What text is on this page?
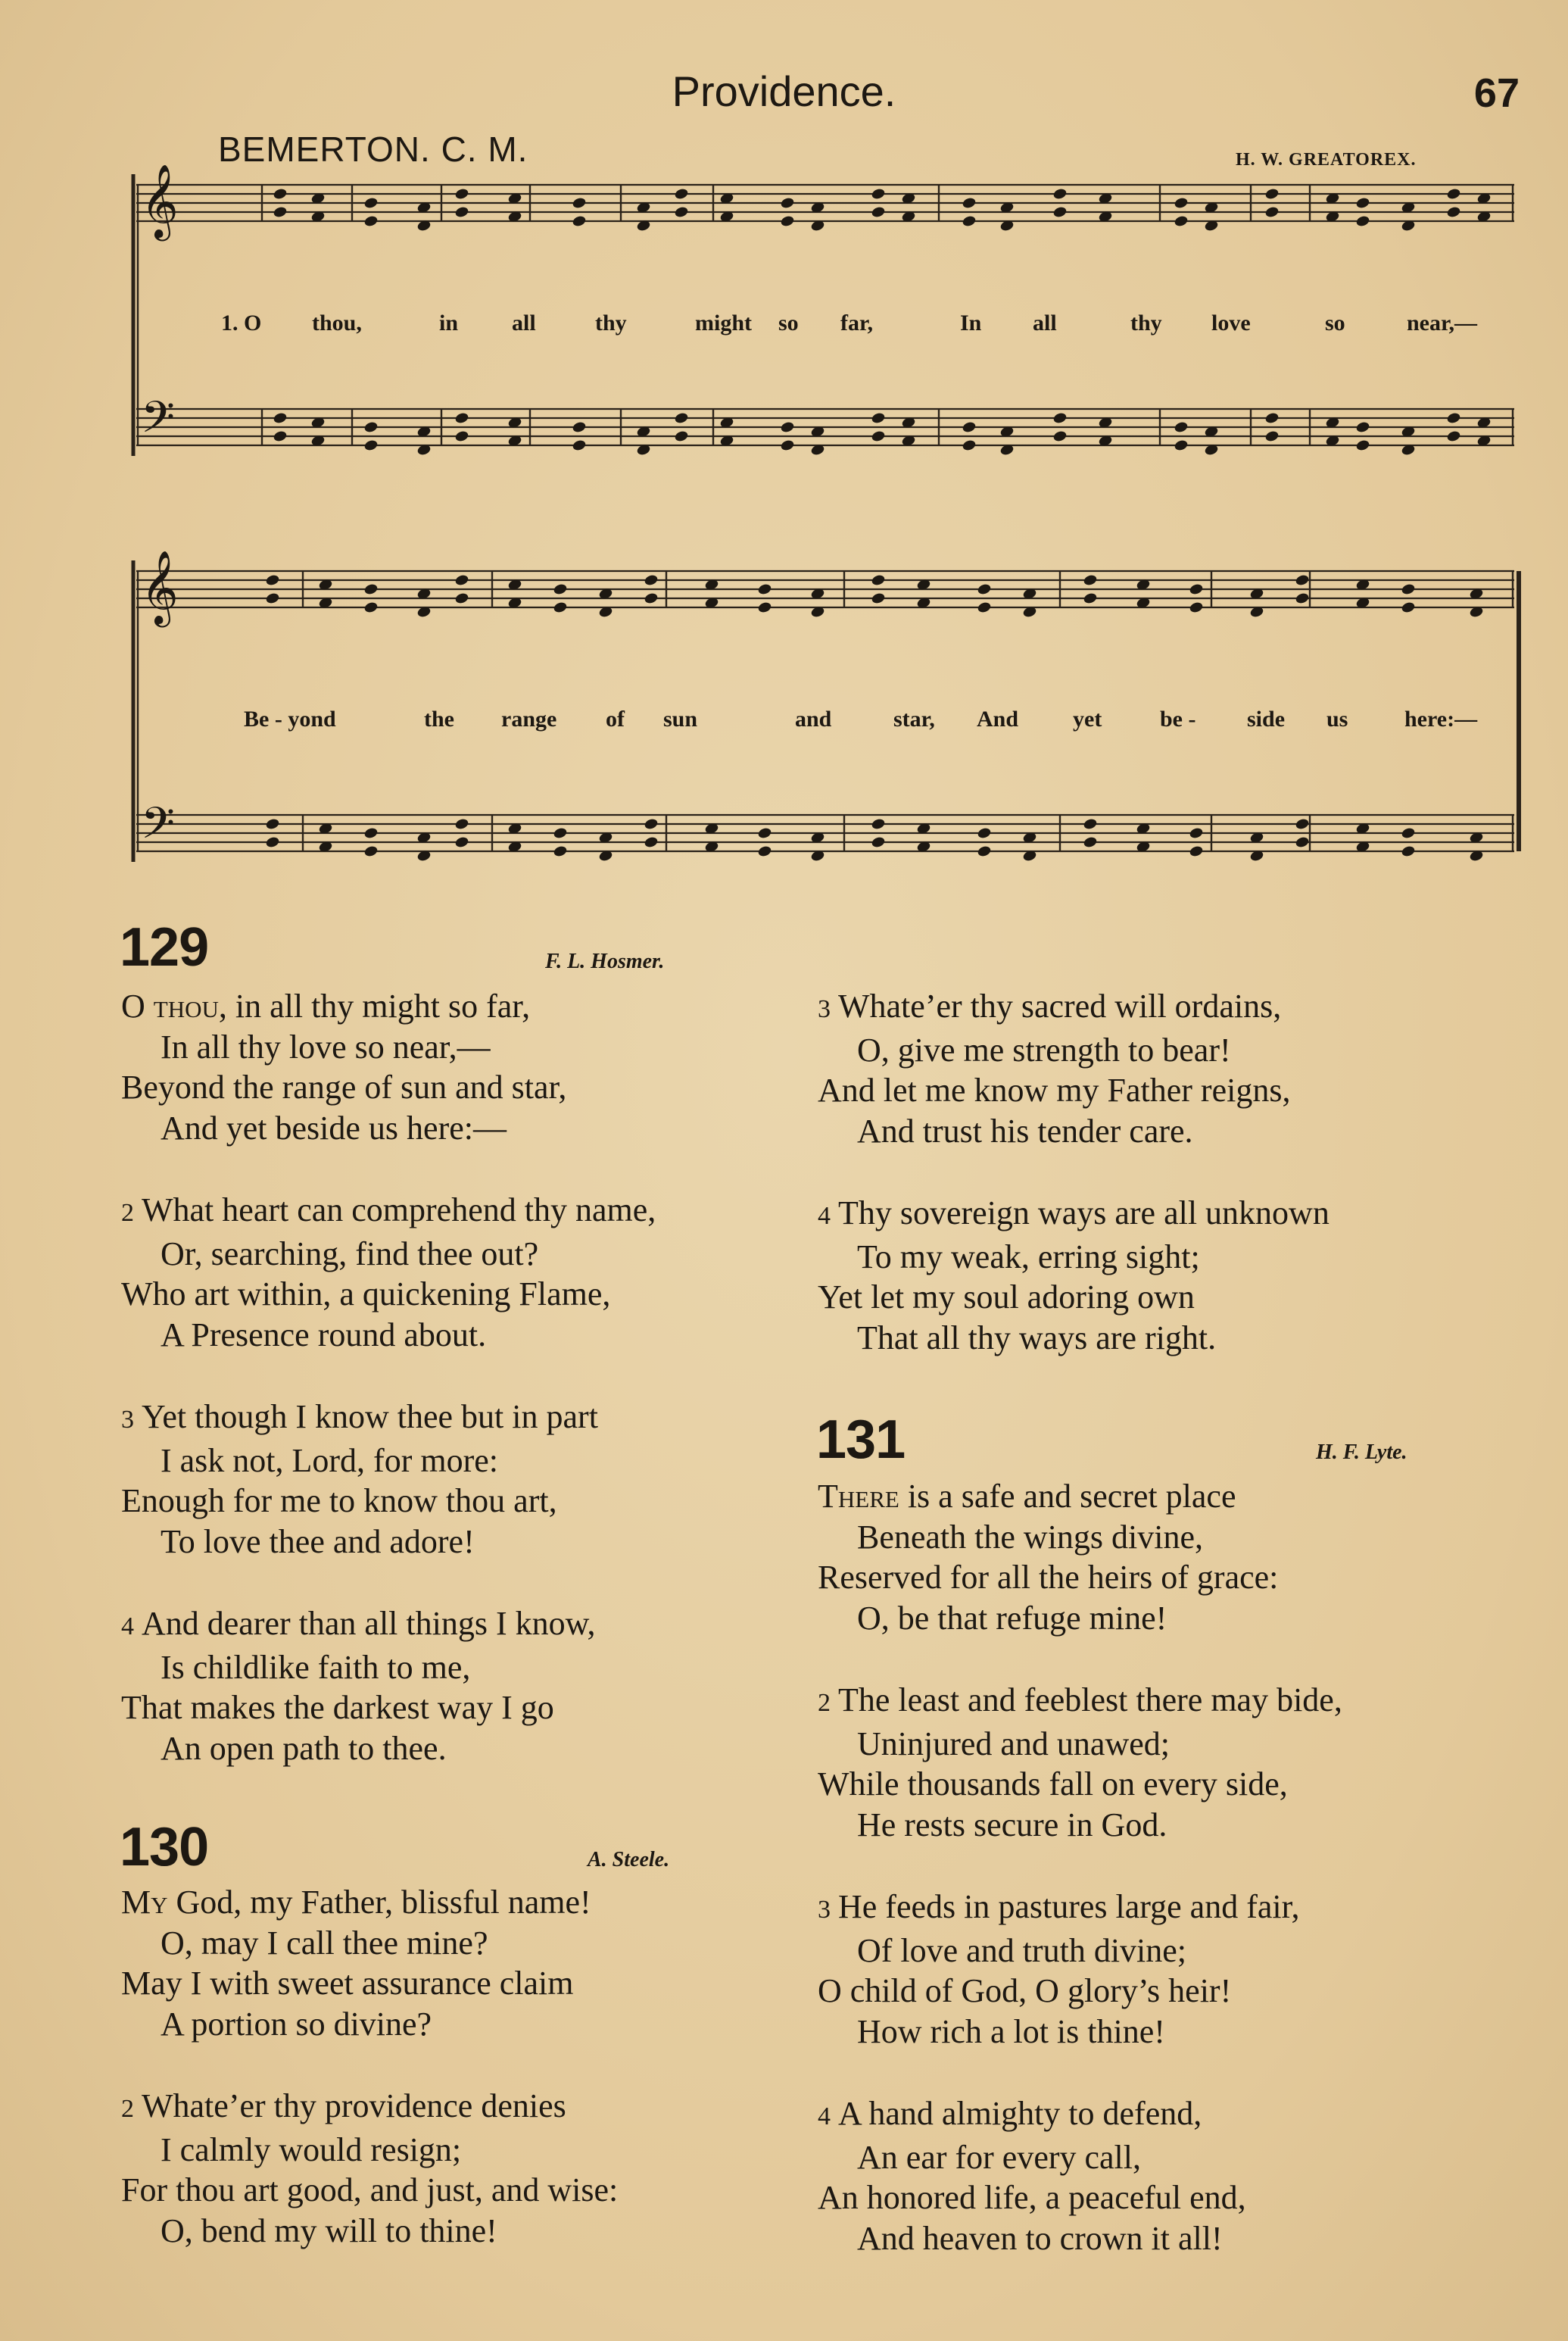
Providence.	67
BEMERTON. C. M.	H. W. GREATOREX.
𝄞
𝄢
𝄞
𝄢
1. O thou,	in all	thy	might so far,	In all	thy love	so	near,—
Be - yond	the range of sun	and	star, And yet	be - side us here:—
129	F. L. Hosmer.
O thou, in all thy might so far,
In all thy love so near,—
Beyond the range of sun and star,
And yet beside us here:—
2 What heart can comprehend thy name,
Or, searching, find thee out?
Who art within, a quickening Flame,
A Presence round about.
3 Yet though I know thee but in part
I ask not, Lord, for more:
Enough for me to know thou art,
To love thee and adore!
4 And dearer than all things I know,
Is childlike faith to me,
That makes the darkest way I go
An open path to thee.
130	A. Steele.
My God, my Father, blissful name!
O, may I call thee mine?
May I with sweet assurance claim
A portion so divine?
2 Whate’er thy providence denies
I calmly would resign;
For thou art good, and just, and wise:
O, bend my will to thine!
3 Whate’er thy sacred will ordains,
O, give me strength to bear!
And let me know my Father reigns,
And trust his tender care.
4 Thy sovereign ways are all unknown
To my weak, erring sight;
Yet let my soul adoring own
That all thy ways are right.
131	H. F. Lyte.
There is a safe and secret place
Beneath the wings divine,
Reserved for all the heirs of grace:
O, be that refuge mine!
2 The least and feeblest there may bide,
Uninjured and unawed;
While thousands fall on every side,
He rests secure in God.
3 He feeds in pastures large and fair,
Of love and truth divine;
O child of God, O glory’s heir!
How rich a lot is thine!
4 A hand almighty to defend,
An ear for every call,
An honored life, a peaceful end,
And heaven to crown it all!
